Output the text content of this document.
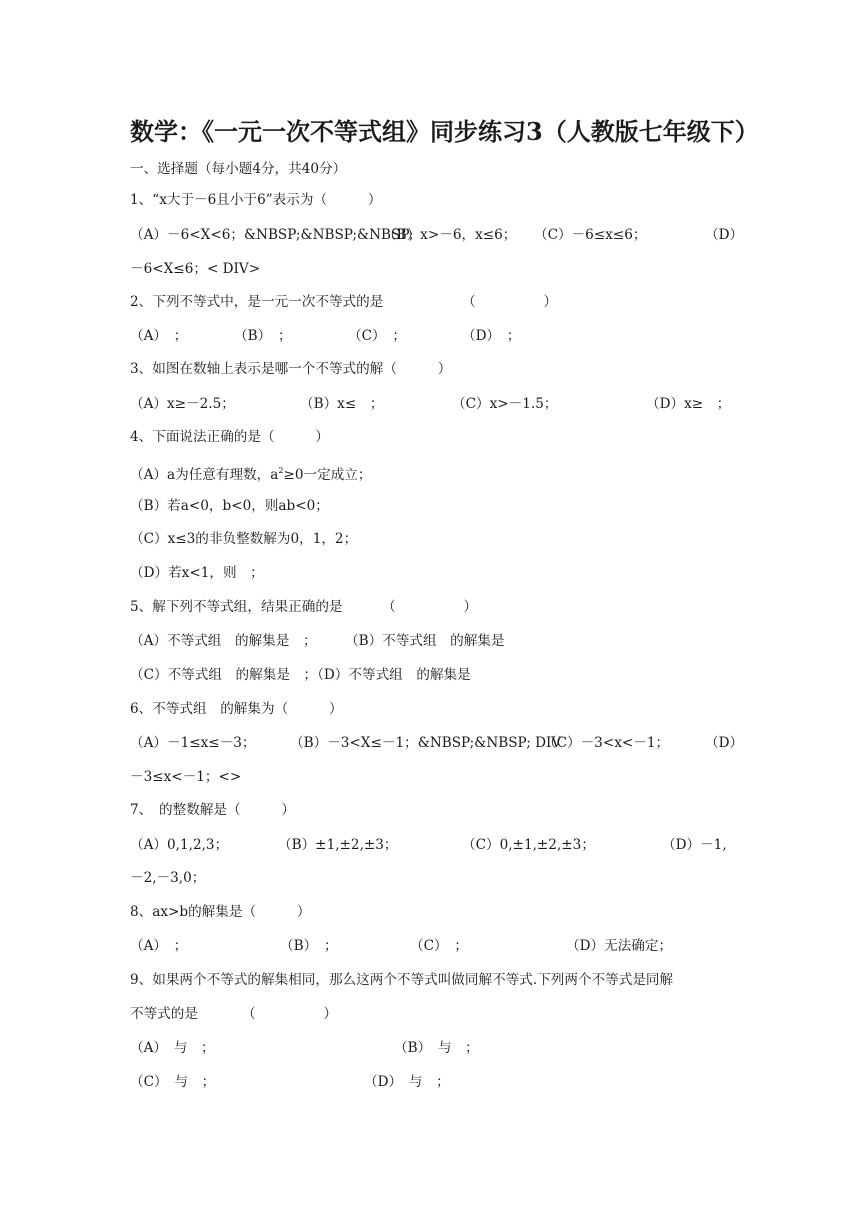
数学：《一元一次不等式组》同步练习3（人教版七年级下）
一、选择题（每小题4分，共40分）
1、“x大于－6且小于6”表示为（　　　）
（A）－6<X<6；&NBSP;&NBSP;&NBSP;
（B）x>－6，x≤6； （C）－6≤x≤6；	（D）
－6<X≤6；< DIV>
2、下列不等式中，是一元一次不等式的是	（　　　　　）
（A）　；	（B）　；	（C）　；	（D）　；
3、如图在数轴上表示是哪一个不等式的解（　　　）
（A）x≥－2.5；	（B）x≤　；	（C）x>－1.5；	（D）x≥　；
4、下面说法正确的是（　　　）
（A）a为任意有理数，$a^2\ge 0$一定成立；
（B）若a<0，b<0，则ab<0；
（C）x≤3的非负整数解为0，1，2；
（D）若x<1，则　；
5、解下列不等式组，结果正确的是	（　　　　　）
（A）不等式组　的解集是　； （B）不等式组　的解集是
（C）不等式组　的解集是　；（D）不等式组　的解集是
6、不等式组　的解集为（　　　）
（A）－1≤x≤－3；	（B）－3<X≤－1；&NBSP;&NBSP; DIV
（C）－3<x<－1；	（D）
－3≤x<－1；<>
7、　的整数解是（　　　）
（A）0,1,2,3；	（B）±1,±2,±3；	（C）0,±1,±2,±3；	（D）－1,
－2,－3,0；
8、ax>b的解集是（　　　）
（A）　；	（B）　；	（C）　；	（D）无法确定；
9、如果两个不等式的解集相同，那么这两个不等式叫做同解不等式.下列两个不等式是同解
不等式的是	（　　　　　）
（A）　与　；	（B）　与　；
（C）　与　；	（D）　与　；
